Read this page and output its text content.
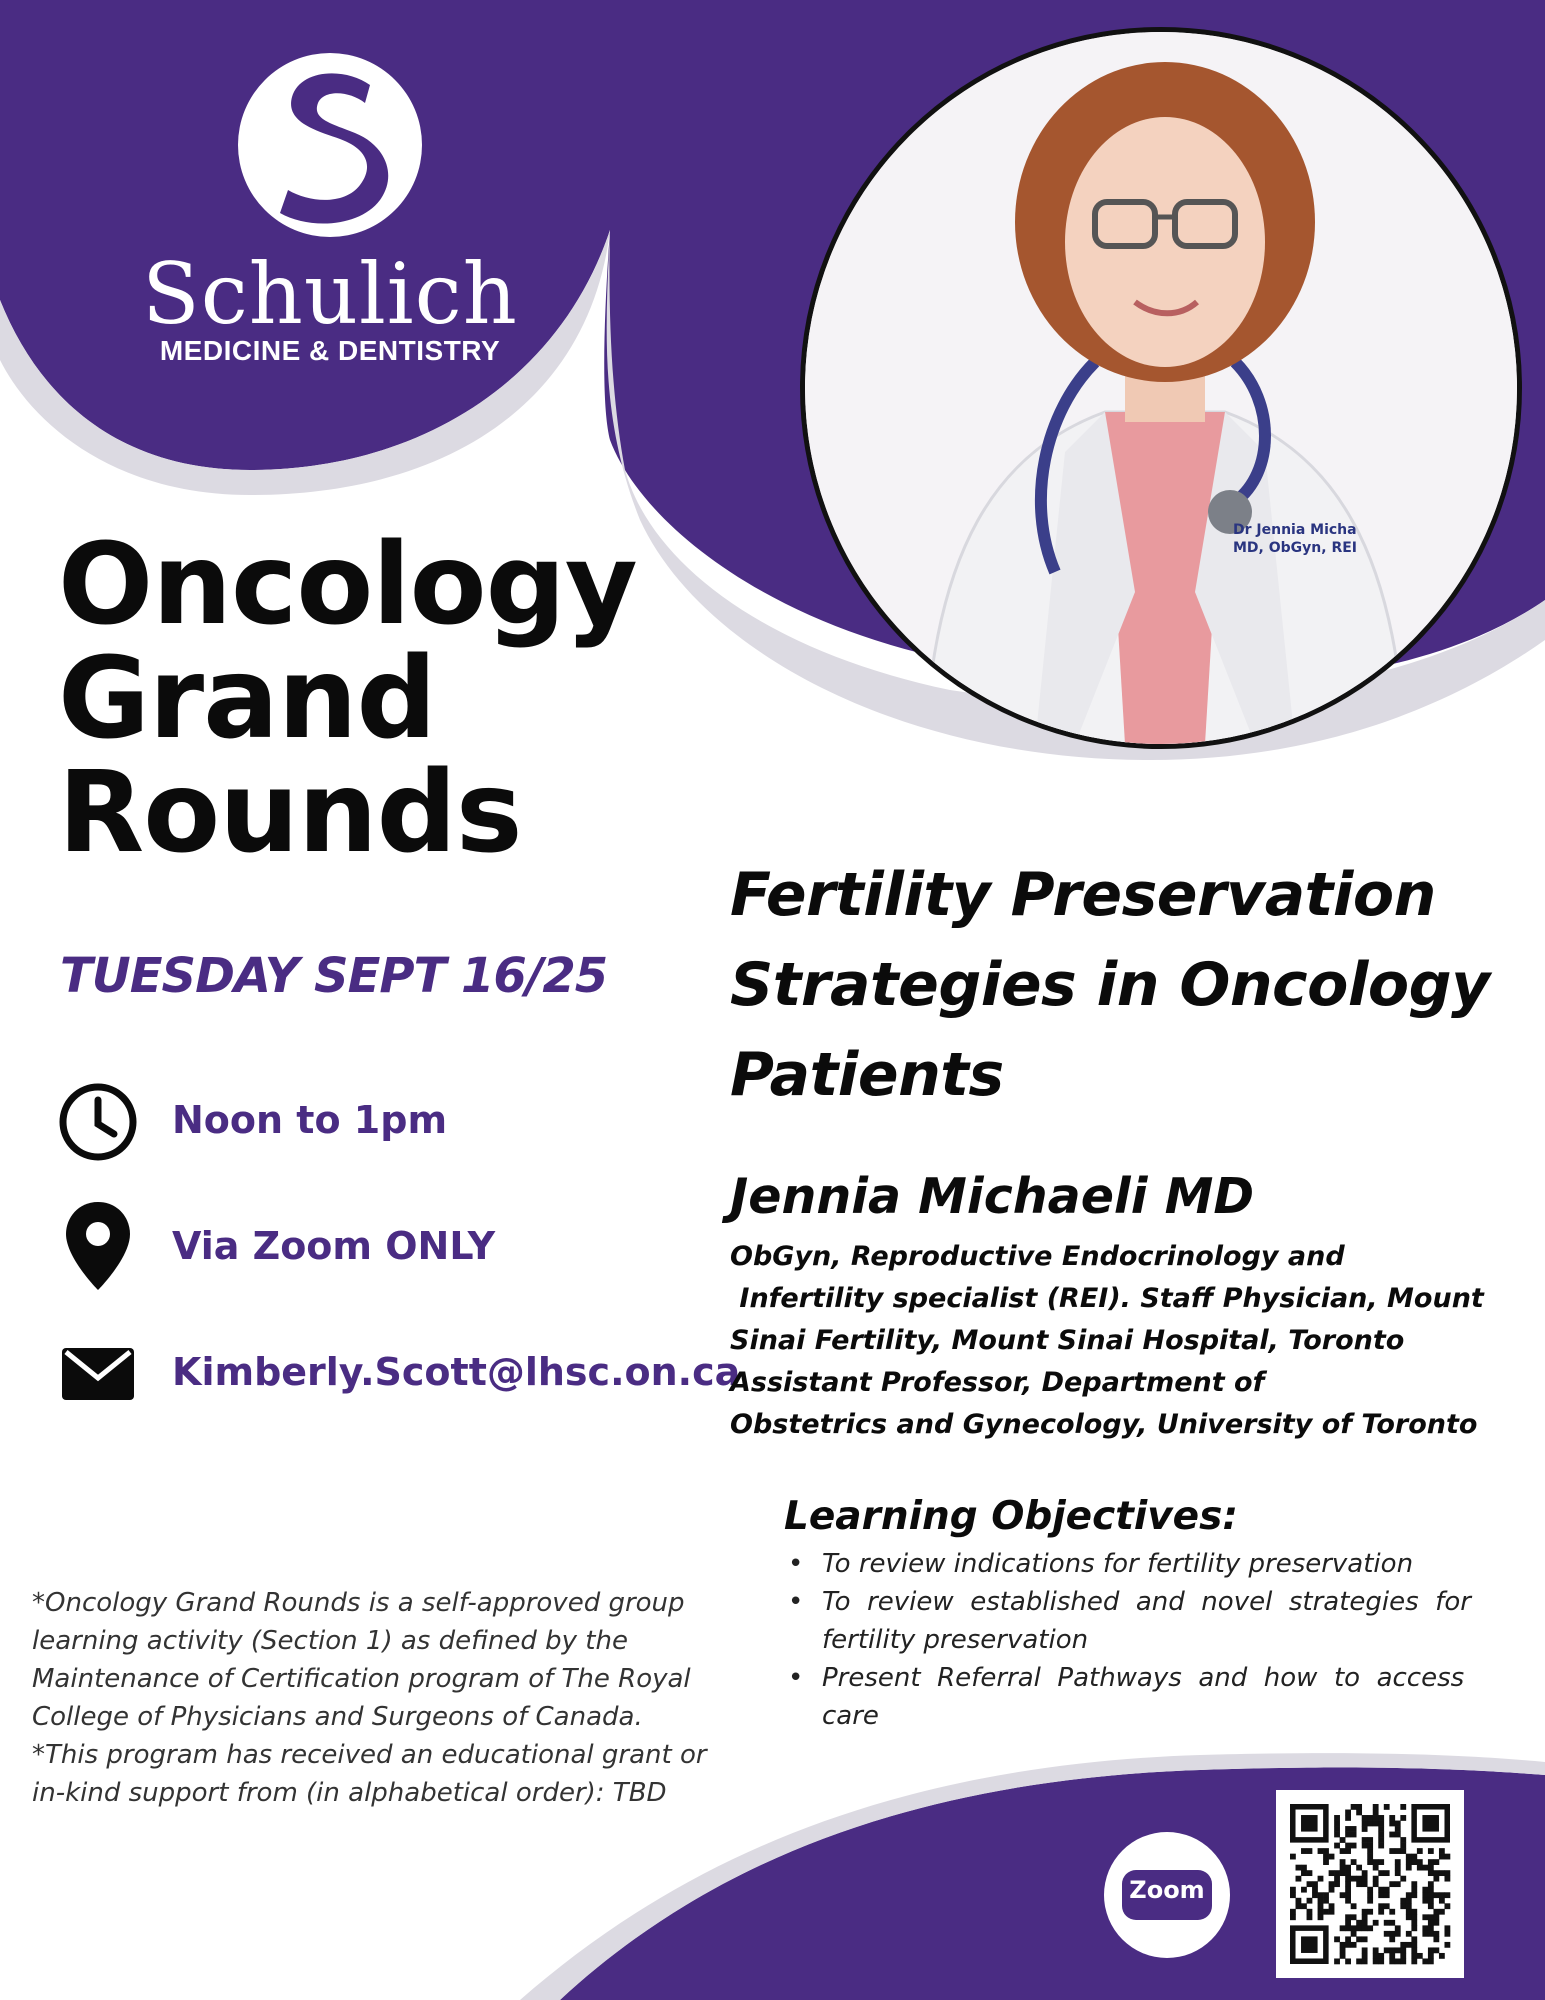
Schulich
MEDICINE & DENTISTRY
Dr Jennia Micha
MD, ObGyn, REI
Oncology
Grand
Rounds
TUESDAY SEPT 16/25
Noon to 1pm
Via Zoom ONLY
Kimberly.Scott@lhsc.on.ca
Fertility Preservation
Strategies in Oncology
Patients
Jennia Michaeli MD
ObGyn, Reproductive Endocrinology and
Infertility specialist (REI). Staff Physician, Mount
Sinai Fertility, Mount Sinai Hospital, Toronto
Assistant Professor, Department of
Obstetrics and Gynecology, University of Toronto
Learning Objectives:
• To review indications for fertility preservation
• To  review  established  and  novel  strategies  for
fertility preservation
• Present  Referral  Pathways  and  how  to  access
care
*Oncology Grand Rounds is a self-approved group
learning activity (Section 1) as defined by the
Maintenance of Certification program of The Royal
College of Physicians and Surgeons of Canada.
*This program has received an educational grant or
in-kind support from (in alphabetical order): TBD
Zoom
